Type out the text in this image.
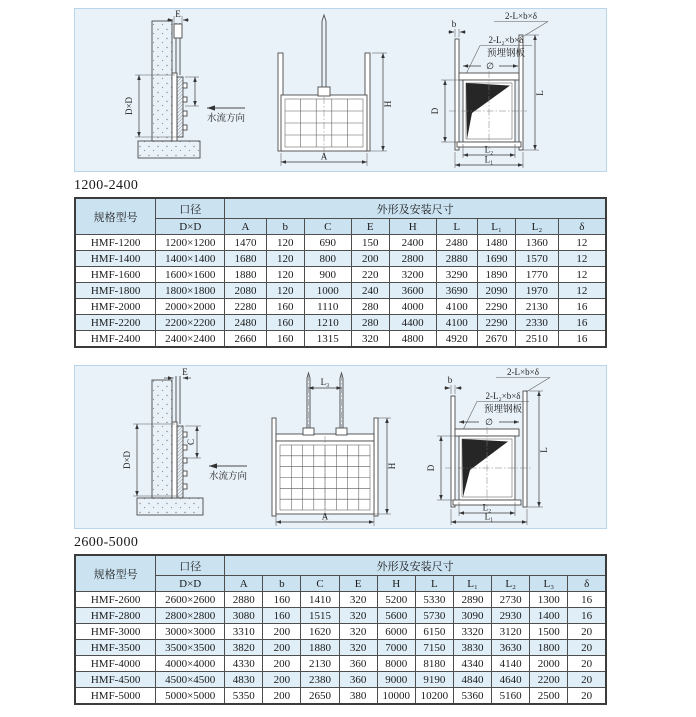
E
D×D
水流方向
H
A
b
2-L×b×δ
2-L₂×b×δ
预埋钢板
∅
D
L
L₂
L₁
1200-2400
规格型号	口径	外形及安装尺寸								
	D×D	A	b	C	E	H	L	L₁	L₂	δ
HMF-1200	1200×1200	1470	120	690	150	2400	2480	1480	1360	12
HMF-1400	1400×1400	1680	120	800	200	2800	2880	1690	1570	12
HMF-1600	1600×1600	1880	120	900	220	3200	3290	1890	1770	12
HMF-1800	1800×1800	2080	120	1000	240	3600	3690	2090	1970	12
HMF-2000	2000×2000	2280	160	1110	280	4000	4100	2290	2130	16
HMF-2200	2200×2200	2480	160	1210	280	4400	4100	2290	2330	16
HMF-2400	2400×2400	2660	160	1315	320	4800	4920	2670	2510	16
E
D×D
C
水流方向
L₃
H
A
b
2-L×b×δ
2-L₂×b×δ
预埋钢板
∅
D
L
L₂
L₁
2600-5000
规格型号	口径	外形及安装尺寸									
	D×D	A	b	C	E	H	L	L₁	L₂	L₃	δ
HMF-2600	2600×2600	2880	160	1410	320	5200	5330	2890	2730	1300	16
HMF-2800	2800×2800	3080	160	1515	320	5600	5730	3090	2930	1400	16
HMF-3000	3000×3000	3310	200	1620	320	6000	6150	3320	3120	1500	20
HMF-3500	3500×3500	3820	200	1880	320	7000	7150	3830	3630	1800	20
HMF-4000	4000×4000	4330	200	2130	360	8000	8180	4340	4140	2000	20
HMF-4500	4500×4500	4830	200	2380	360	9000	9190	4840	4640	2200	20
HMF-5000	5000×5000	5350	200	2650	380	10000	10200	5360	5160	2500	20
